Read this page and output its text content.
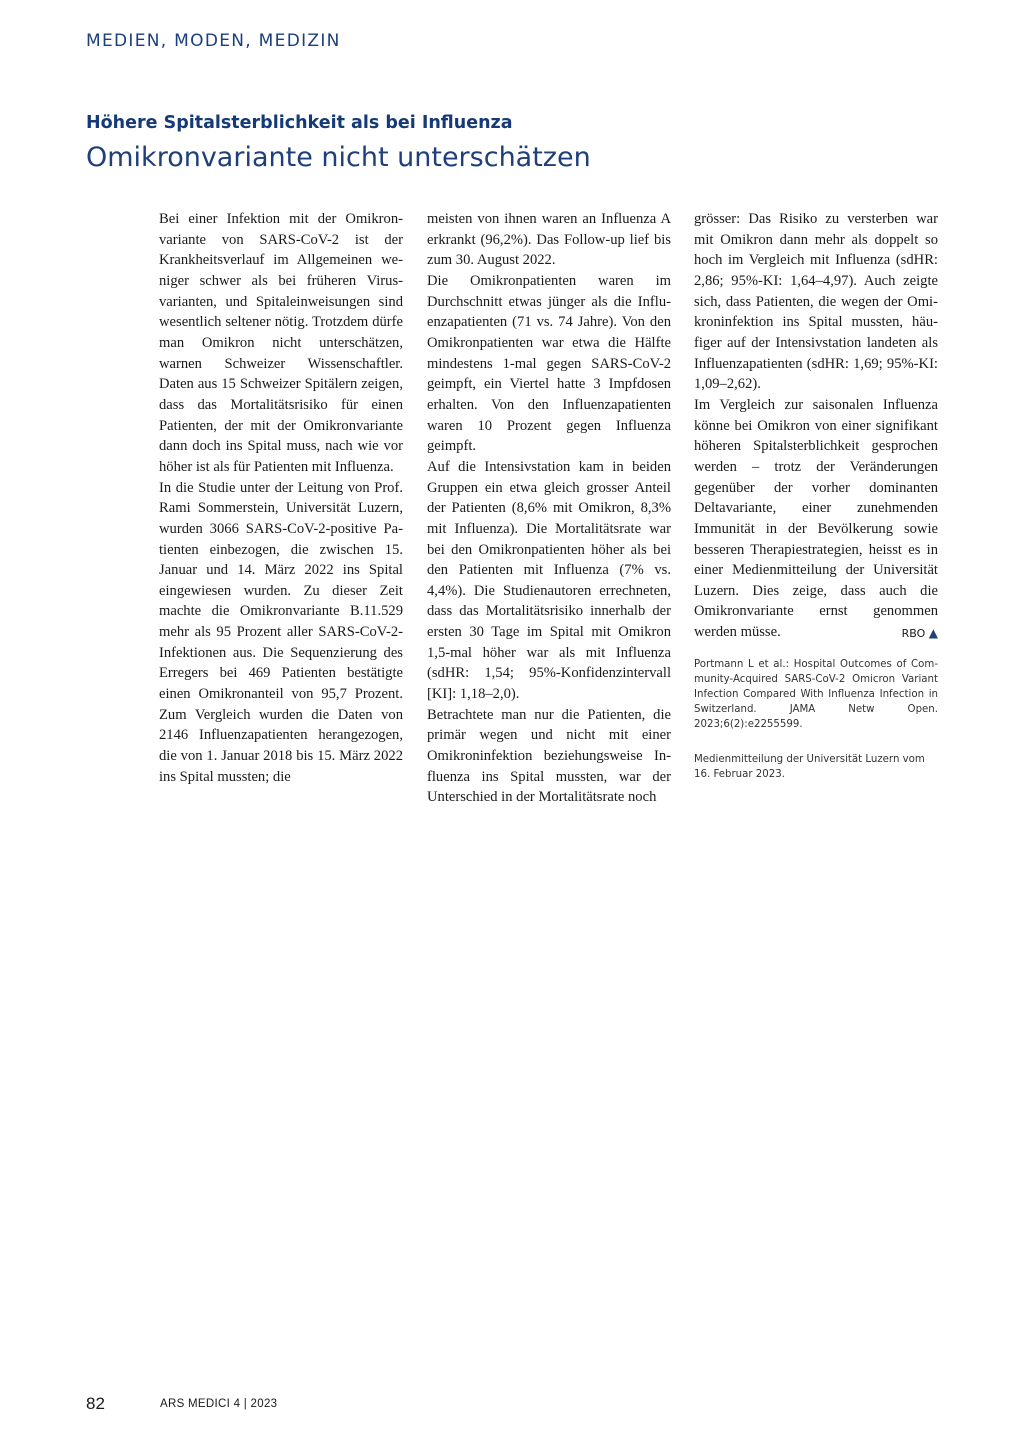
MEDIEN, MODEN, MEDIZIN
Höhere Spitalsterblichkeit als bei Influenza
Omikronvariante nicht unterschätzen

Bei einer Infektion mit der Omikronvariante von SARS-CoV-2 ist der Krankheitsverlauf im Allgemeinen weniger schwer als bei früheren Virusvarianten, und Spitaleinweisungen sind wesentlich seltener nötig. Trotzdem dürfe man Omikron nicht unterschätzen, warnen Schweizer Wissenschaftler. Daten aus 15 Schweizer Spitälern zeigen, dass das Mortalitätsrisiko für einen Patienten, der mit der Omikronvariante dann doch ins Spital muss, nach wie vor höher ist als für Patienten mit Influenza.

In die Studie unter der Leitung von Prof. Rami Sommerstein, Universität Luzern, wurden 3066 SARS-CoV-2-positive Patienten einbezogen, die zwischen 15. Januar und 14. März 2022 ins Spital eingewiesen wurden. Zu dieser Zeit machte die Omikronvariante B.11.529 mehr als 95 Prozent aller SARS-CoV-2-Infektionen aus. Die Sequenzierung des Erregers bei 469 Patienten bestätigte einen Omikronanteil von 95,7 Prozent. Zum Vergleich wurden die Daten von 2146 Influenzapatienten herangezogen, die von 1. Januar 2018 bis 15. März 2022 ins Spital mussten; die

meisten von ihnen waren an Influenza A erkrankt (96,2%). Das Follow-up lief bis zum 30. August 2022.

Die Omikronpatienten waren im Durchschnitt etwas jünger als die Influenzapatienten (71 vs. 74 Jahre). Von den Omikronpatienten war etwa die Hälfte mindestens 1-mal gegen SARS-CoV-2 geimpft, ein Viertel hatte 3 Impfdosen erhalten. Von den Influenzapatienten waren 10 Prozent gegen Influenza geimpft.

Auf die Intensivstation kam in beiden Gruppen ein etwa gleich grosser Anteil der Patienten (8,6% mit Omikron, 8,3% mit Influenza). Die Mortalitätsrate war bei den Omikronpatienten höher als bei den Patienten mit Influenza (7% vs. 4,4%). Die Studienautoren errechneten, dass das Mortalitätsrisiko innerhalb der ersten 30 Tage im Spital mit Omikron 1,5-mal höher war als mit Influenza (sdHR: 1,54; 95%-Konfidenzintervall [KI]: 1,18–2,0).

Betrachtete man nur die Patienten, die primär wegen und nicht mit einer Omikroninfektion beziehungsweise Influenza ins Spital mussten, war der Unterschied in der Mortalitätsrate noch

grösser: Das Risiko zu versterben war mit Omikron dann mehr als doppelt so hoch im Vergleich mit Influenza (sdHR: 2,86; 95%-KI: 1,64–4,97). Auch zeigte sich, dass Patienten, die wegen der Omikroninfektion ins Spital mussten, häufiger auf der Intensivstation landeten als Influenzapatienten (sdHR: 1,69; 95%-KI: 1,09–2,62).

Im Vergleich zur saisonalen Influenza könne bei Omikron von einer signifikant höheren Spitalsterblichkeit gesprochen werden – trotz der Veränderungen gegenüber der vorher dominanten Deltavariante, einer zunehmenden Immunität in der Bevölkerung sowie besseren Therapiestrategien, heisst es in einer Medienmitteilung der Universität Luzern. Dies zeige, dass auch die Omikronvariante ernst genommen werden müsse.	RBO ▲

Portmann L et al.: Hospital Outcomes of Community-Acquired SARS-CoV-2 Omicron Variant Infection Compared With Influenza Infection in Switzerland. JAMA Netw Open. 2023;6(2):e2255599.
Medienmitteilung der Universität Luzern vom 16. Februar 2023.
82	ARS MEDICI 4 | 2023
